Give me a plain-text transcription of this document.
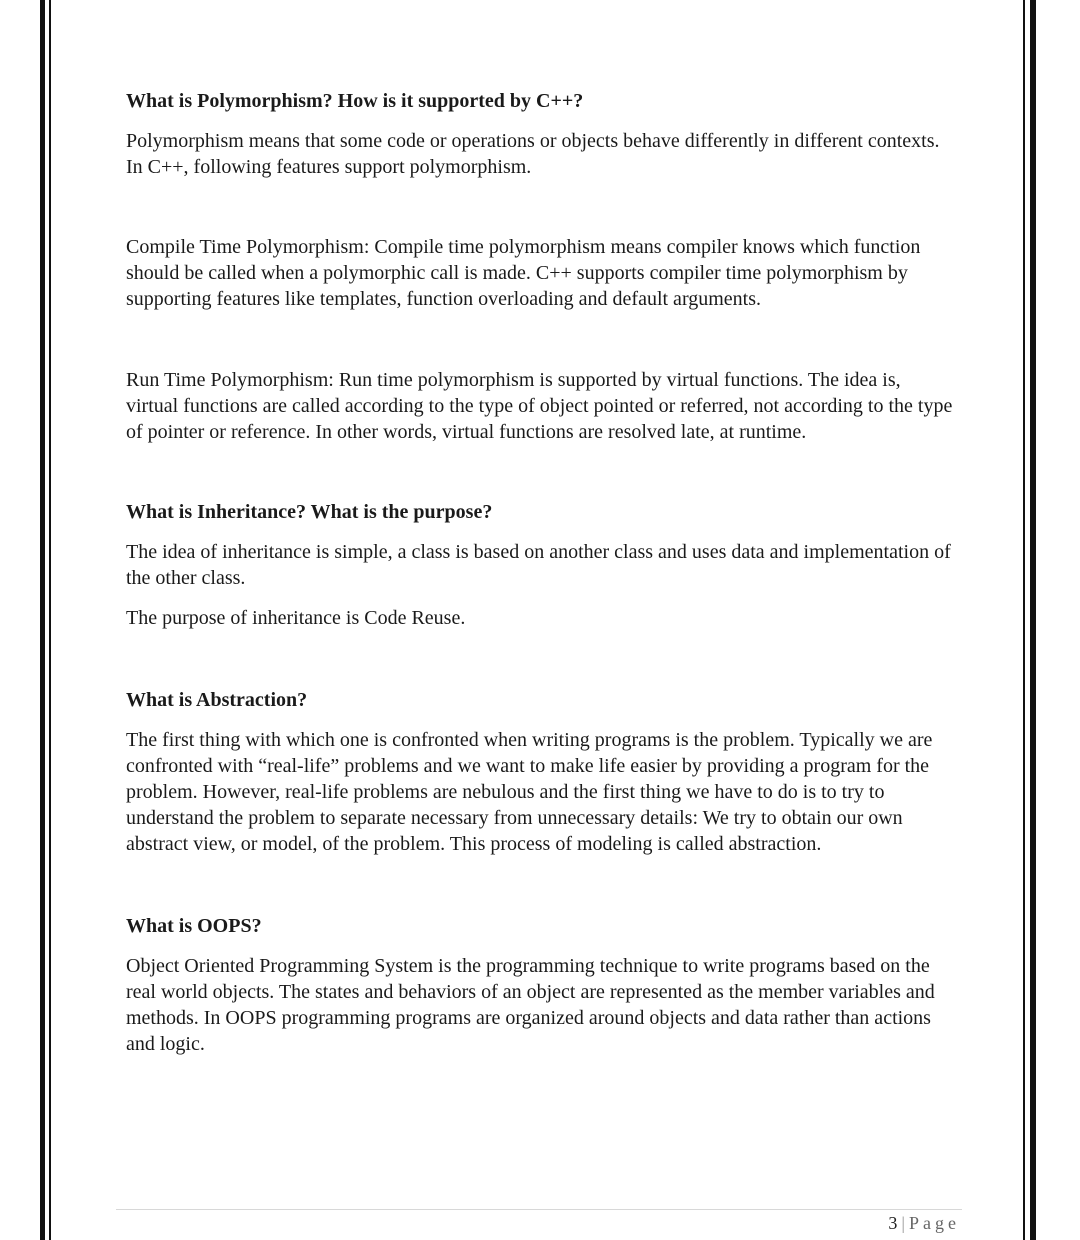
What is Polymorphism? How is it supported by C++?

Polymorphism means that some code or operations or objects behave differently in different contexts. In C++, following features support polymorphism.

Compile Time Polymorphism: Compile time polymorphism means compiler knows which function should be called when a polymorphic call is made. C++ supports compiler time polymorphism by supporting features like templates, function overloading and default arguments.

Run Time Polymorphism: Run time polymorphism is supported by virtual functions. The idea is, virtual functions are called according to the type of object pointed or referred, not according to the type of pointer or reference. In other words, virtual functions are resolved late, at runtime.

What is Inheritance? What is the purpose?

The idea of inheritance is simple, a class is based on another class and uses data and implementation of the other class.

The purpose of inheritance is Code Reuse.

What is Abstraction?

The first thing with which one is confronted when writing programs is the problem. Typically we are confronted with “real-life” problems and we want to make life easier by providing a program for the problem. However, real-life problems are nebulous and the first thing we have to do is to try to understand the problem to separate necessary from unnecessary details: We try to obtain our own abstract view, or model, of the problem. This process of modeling is called abstraction.

What is OOPS?

Object Oriented Programming System is the programming technique to write programs based on the real world objects. The states and behaviors of an object are represented as the member variables and methods. In OOPS programming programs are organized around objects and data rather than actions and logic.

3 | Page
